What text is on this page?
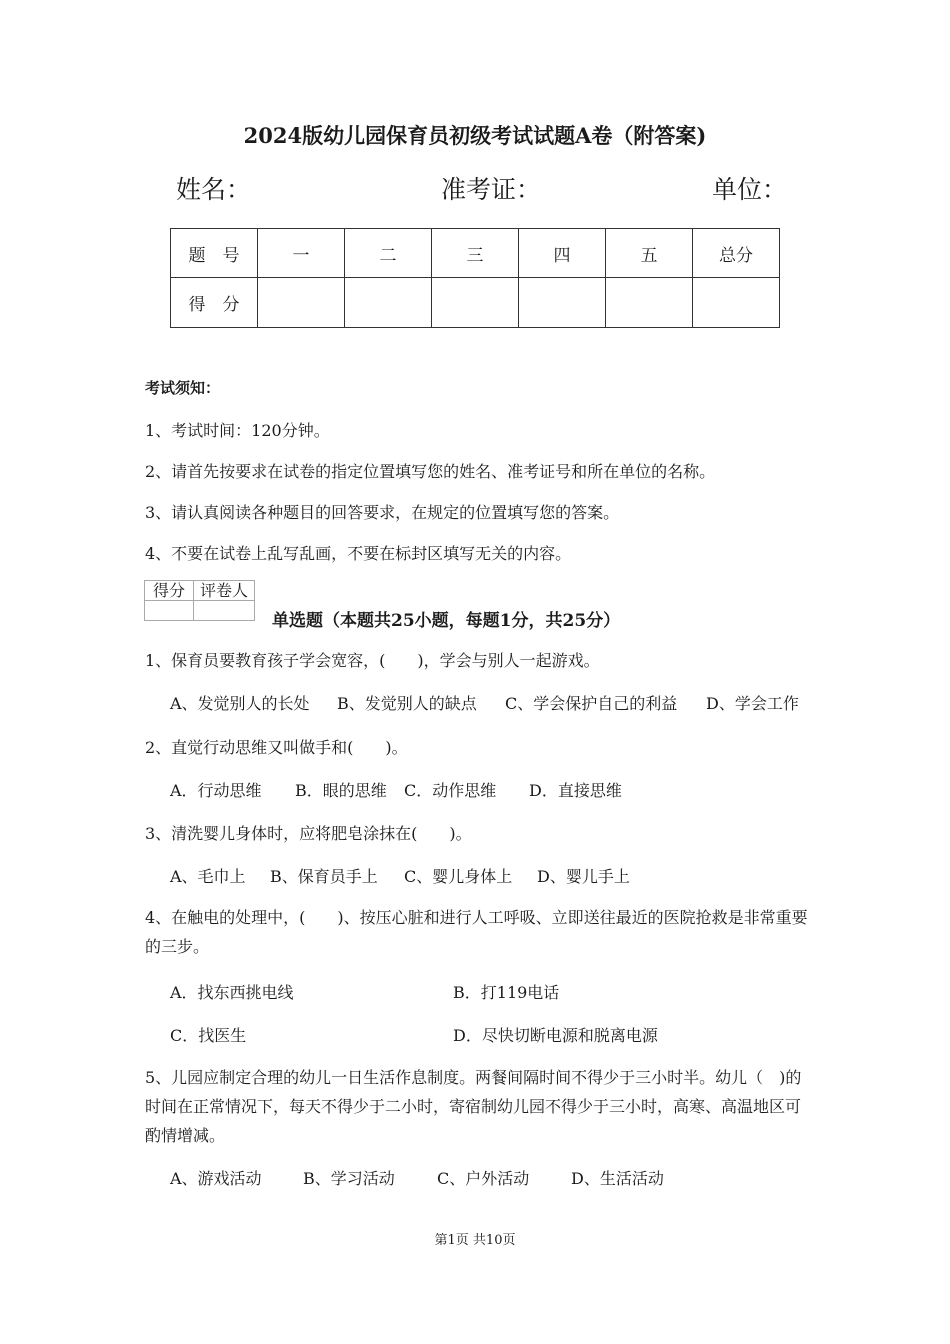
2024版幼儿园保育员初级考试试题A卷（附答案)
姓名：	准考证：	单位：
题　号	一	二	三	四	五	总分
得　分						
考试须知：
1、考试时间：120分钟。
2、请首先按要求在试卷的指定位置填写您的姓名、准考证号和所在单位的名称。
3、请认真阅读各种题目的回答要求，在规定的位置填写您的答案。
4、不要在试卷上乱写乱画，不要在标封区填写无关的内容。
得分	评卷人

单选题（本题共25小题，每题1分，共25分）
1、保育员要教育孩子学会宽容，(　　)，学会与别人一起游戏。
A、发觉别人的长处 B、发觉别人的缺点 C、学会保护自己的利益 D、学会工作
2、直觉行动思维又叫做手和(　　)。
A．行动思维 B．眼的思维 C．动作思维 D．直接思维
3、清洗婴儿身体时，应将肥皂涂抹在(　　)。
A、毛巾上 B、保育员手上 C、婴儿身体上 D、婴儿手上
4、在触电的处理中，(　　)、按压心脏和进行人工呼吸、立即送往最近的医院抢救是非常重要的三步。
A．找东西挑电线	B．打119电话
C．找医生	D．尽快切断电源和脱离电源
5、儿园应制定合理的幼儿一日生活作息制度。两餐间隔时间不得少于三小时半。幼儿（　)的时间在正常情况下，每天不得少于二小时，寄宿制幼儿园不得少于三小时，高寒、高温地区可酌情增减。
A、游戏活动	B、学习活动	C、户外活动	D、生活活动
第1页 共10页
